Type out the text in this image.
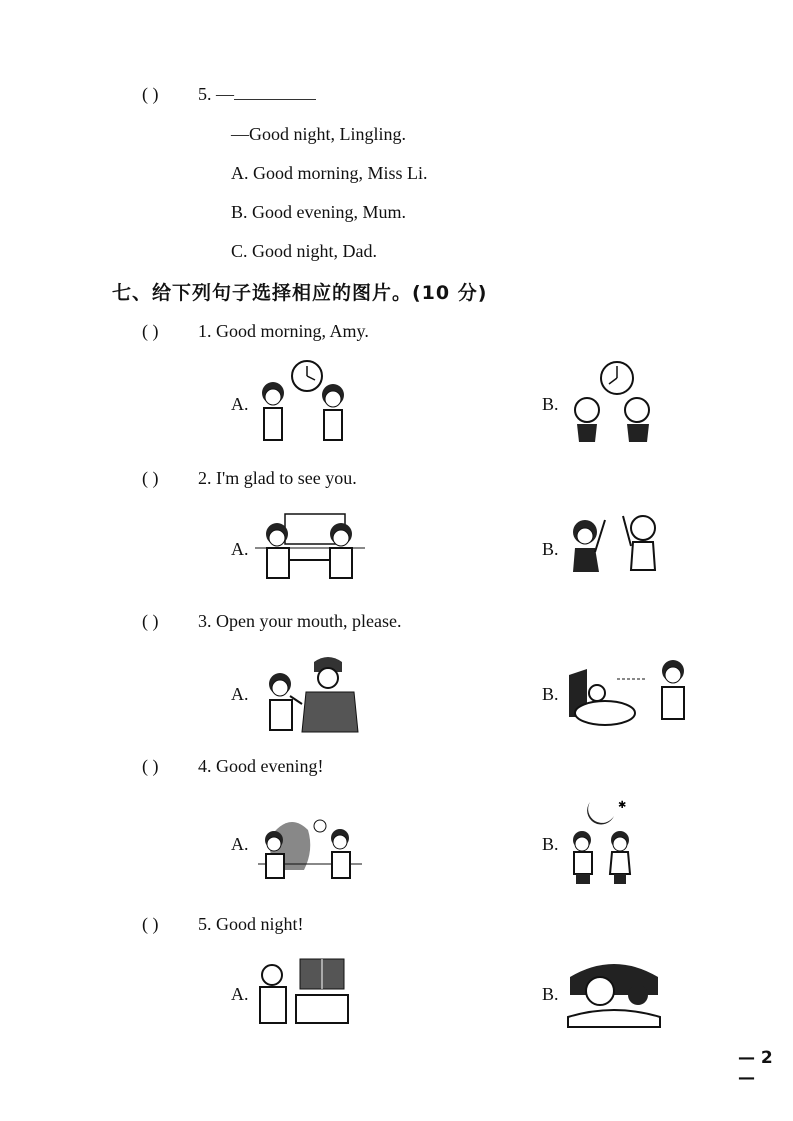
( ) 5. —
—Good night, Lingling.
A. Good morning, Miss Li.
B. Good evening, Mum.
C. Good night, Dad.
七、给下列句子选择相应的图片。(10 分)
( ) 1. Good morning, Amy.
A.	B.
( ) 2. I'm glad to see you.
A.	B.
( ) 3. Open your mouth, please.
A.	B.
( ) 4. Good evening!
A.	B.
✱
( ) 5. Good night!
A.	B.
— 2 —
